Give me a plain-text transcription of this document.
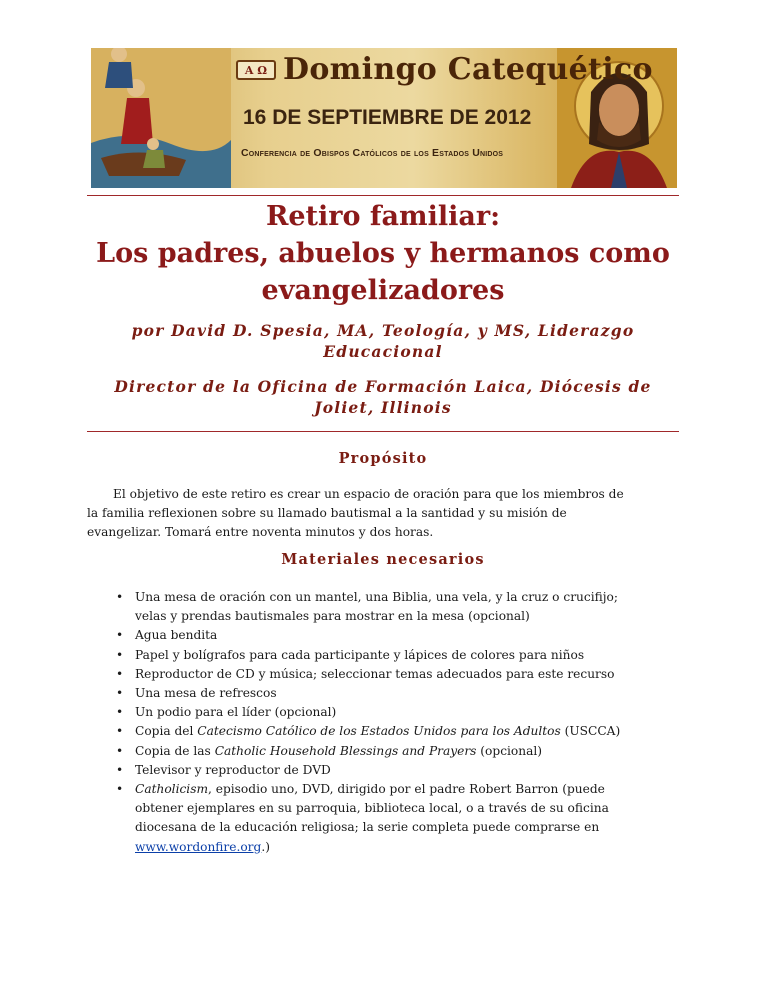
A Ω Domingo Catequético
16 DE SEPTIEMBRE DE 2012
Conferencia de Obispos Católicos de los Estados Unidos
Retiro familiar:
Los padres, abuelos y hermanos como
evangelizadores
por David D. Spesia, MA, Teología, y MS, Liderazgo
Educacional
Director de la Oficina de Formación Laica, Diócesis de
Joliet, Illinois
Propósito
El objetivo de este retiro es crear un espacio de oración para que los miembros de
la familia reflexionen sobre su llamado bautismal a la santidad y su misión de
evangelizar. Tomará entre noventa minutos y dos horas.
Materiales necesarios
• Una mesa de oración con un mantel, una Biblia, una vela, y la cruz o crucifijo;
velas y prendas bautismales para mostrar en la mesa (opcional)
• Agua bendita
• Papel y bolígrafos para cada participante y lápices de colores para niños
• Reproductor de CD y música; seleccionar temas adecuados para este recurso
• Una mesa de refrescos
• Un podio para el líder (opcional)
• Copia del Catecismo Católico de los Estados Unidos para los Adultos (USCCA)
• Copia de las Catholic Household Blessings and Prayers (opcional)
• Televisor y reproductor de DVD
• Catholicism, episodio uno, DVD, dirigido por el padre Robert Barron (puede
obtener ejemplares en su parroquia, biblioteca local, o a través de su oficina
diocesana de la educación religiosa; la serie completa puede comprarse en
www.wordonfire.org.)
